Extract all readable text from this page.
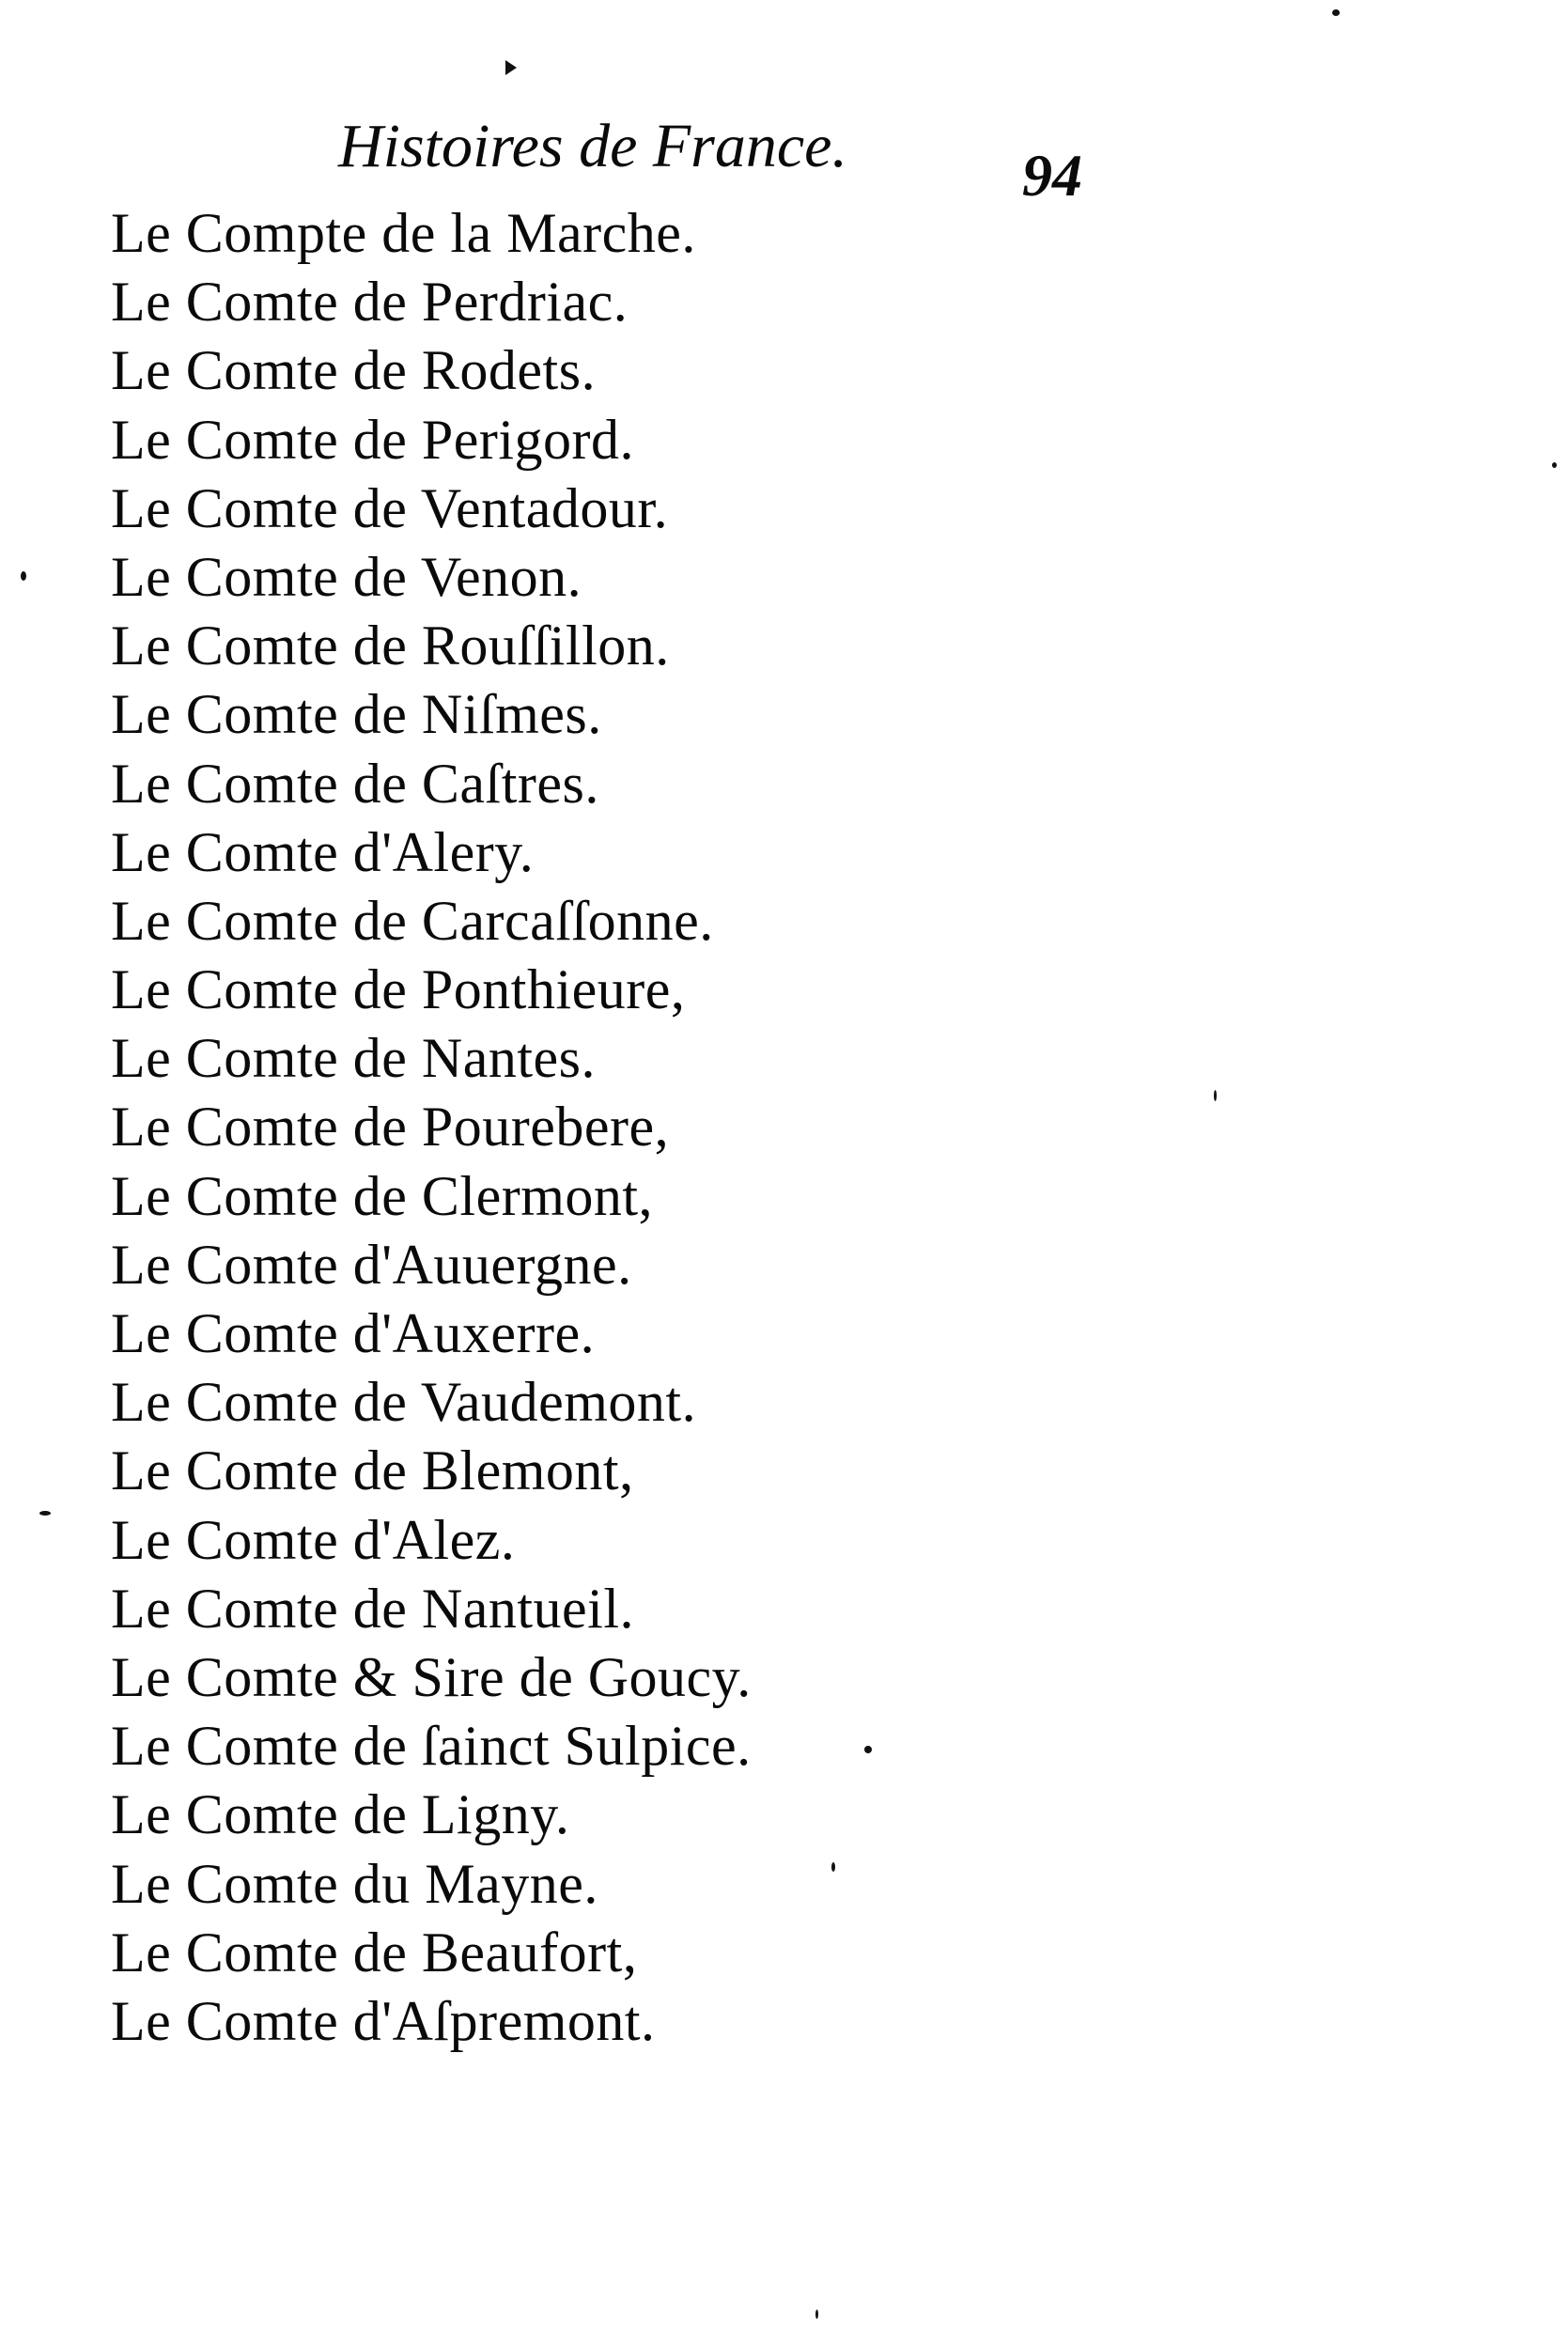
Histoires de France.	94
Le Compte de la Marche.
Le Comte de Perdriac.
Le Comte de Rodets.
Le Comte de Perigord.
Le Comte de Ventadour.
Le Comte de Venon.
Le Comte de Rouſſillon.
Le Comte de Niſmes.
Le Comte de Caſtres.
Le Comte d'Alery.
Le Comte de Carcaſſonne.
Le Comte de Ponthieure,
Le Comte de Nantes.
Le Comte de Pourebere,
Le Comte de Clermont,
Le Comte d'Auuergne.
Le Comte d'Auxerre.
Le Comte de Vaudemont.
Le Comte de Blemont,
Le Comte d'Alez.
Le Comte de Nantueil.
Le Comte & Sire de Goucy.
Le Comte de ſainct Sulpice.
Le Comte de Ligny.
Le Comte du Mayne.
Le Comte de Beaufort,
Le Comte d'Aſpremont.
